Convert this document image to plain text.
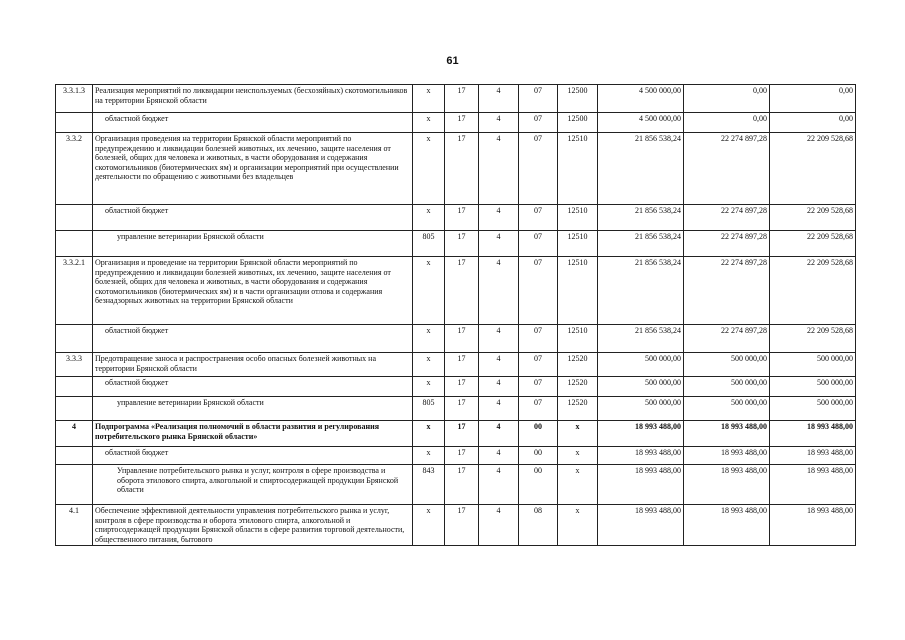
61
3.3.1.3	Реализация мероприятий по ликвидации неиспользуемых (бесхозяйных) скотомогильников на территории Брянской области	x	17	4	07	12500	4 500 000,00	0,00	0,00
	областной бюджет	x	17	4	07	12500	4 500 000,00	0,00	0,00
3.3.2	Организация проведения на территории Брянской области мероприятий по предупреждению и ликвидации болезней животных, их лечению, защите населения от болезней, общих для человека и животных, в части оборудования и содержания скотомогильников (биотермических ям) и организации мероприятий при осуществлении деятельности по обращению с животными без владельцев	x	17	4	07	12510	21 856 538,24	22 274 897,28	22 209 528,68
	областной бюджет	x	17	4	07	12510	21 856 538,24	22 274 897,28	22 209 528,68
	управление ветеринарии Брянской области	805	17	4	07	12510	21 856 538,24	22 274 897,28	22 209 528,68
3.3.2.1	Организация и проведение на территории Брянской области мероприятий по предупреждению и ликвидации болезней животных, их лечению, защите населения от болезней, общих для человека и животных, в части оборудования и содержания скотомогильников (биотермических ям) и в части организации отлова и содержания безнадзорных животных на территории Брянской области	x	17	4	07	12510	21 856 538,24	22 274 897,28	22 209 528,68
	областной бюджет	x	17	4	07	12510	21 856 538,24	22 274 897,28	22 209 528,68
3.3.3	Предотвращение заноса и распространения особо опасных болезней животных на территории Брянской области	x	17	4	07	12520	500 000,00	500 000,00	500 000,00
	областной бюджет	x	17	4	07	12520	500 000,00	500 000,00	500 000,00
	управление ветеринарии Брянской области	805	17	4	07	12520	500 000,00	500 000,00	500 000,00
4	Подпрограмма «Реализация полномочий в области развития и регулирования потребительского рынка Брянской области»	x	17	4	00	x	18 993 488,00	18 993 488,00	18 993 488,00
	областной бюджет	x	17	4	00	x	18 993 488,00	18 993 488,00	18 993 488,00
	Управление потребительского рынка и услуг, контроля в сфере производства и оборота этилового спирта, алкогольной и спиртосодержащей продукции Брянской области	843	17	4	00	x	18 993 488,00	18 993 488,00	18 993 488,00
4.1	Обеспечение эффективной деятельности управления потребительского рынка и услуг, контроля в сфере производства и оборота этилового спирта, алкогольной и спиртосодержащей продукции Брянской области в сфере развития торговой деятельности, общественного питания, бытового	x	17	4	08	x	18 993 488,00	18 993 488,00	18 993 488,00
